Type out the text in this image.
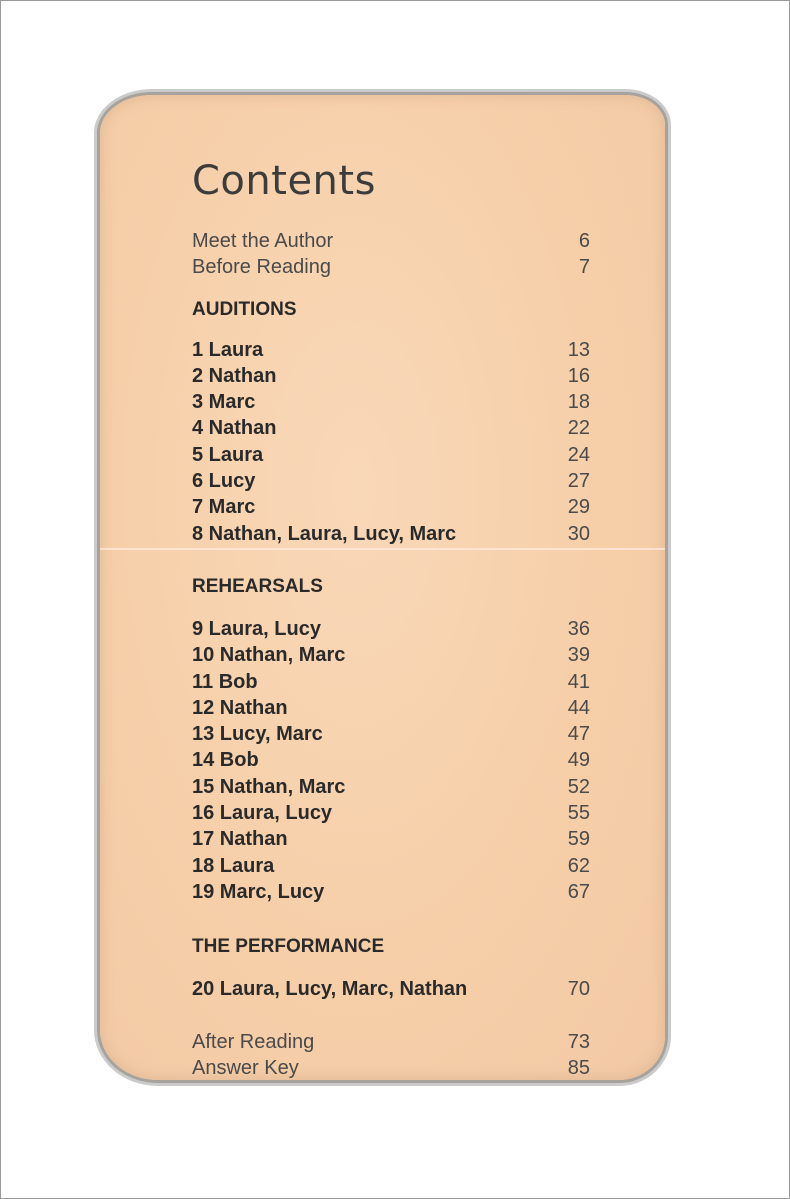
Contents
Meet the Author	6
Before Reading	7
AUDITIONS
1 Laura	13
2 Nathan	16
3 Marc	18
4 Nathan	22
5 Laura	24
6 Lucy	27
7 Marc	29
8 Nathan, Laura, Lucy, Marc	30
REHEARSALS
9 Laura, Lucy	36
10 Nathan, Marc	39
11 Bob	41
12 Nathan	44
13 Lucy, Marc	47
14 Bob	49
15 Nathan, Marc	52
16 Laura, Lucy	55
17 Nathan	59
18 Laura	62
19 Marc, Lucy	67
THE PERFORMANCE
20 Laura, Lucy, Marc, Nathan	70
After Reading	73
Answer Key	85
